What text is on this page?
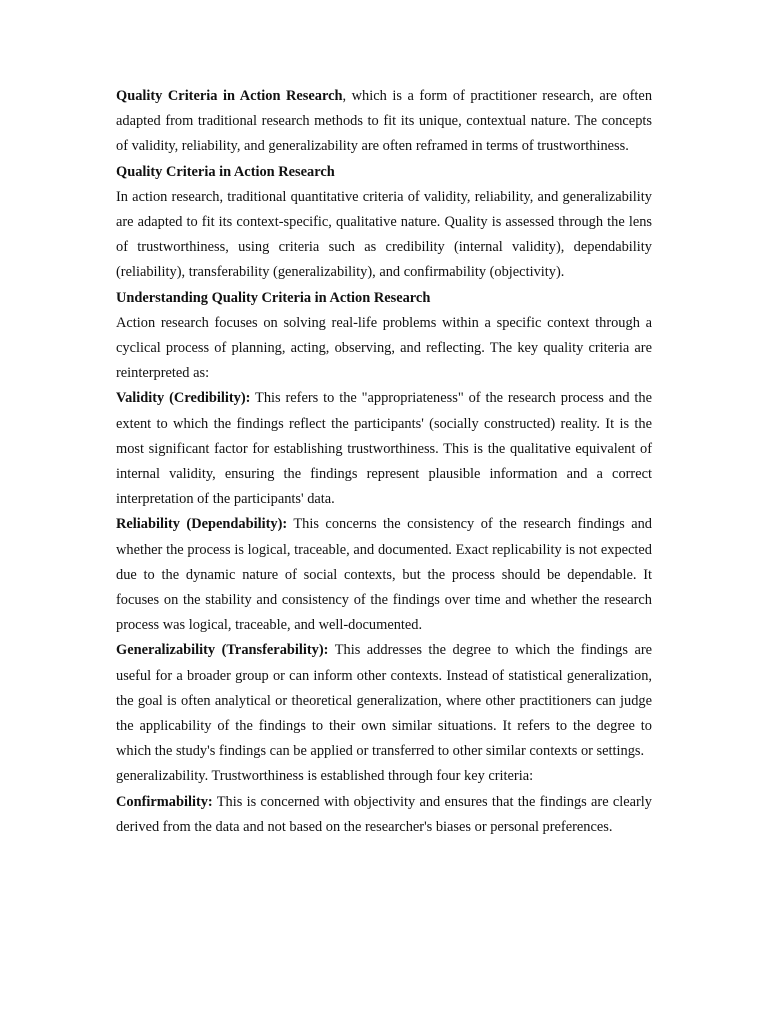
Quality Criteria in Action Research, which is a form of practitioner research, are often adapted from traditional research methods to fit its unique, contextual nature. The concepts of validity, reliability, and generalizability are often reframed in terms of trustworthiness.

Quality Criteria in Action Research

In action research, traditional quantitative criteria of validity, reliability, and generalizability are adapted to fit its context-specific, qualitative nature. Quality is assessed through the lens of trustworthiness, using criteria such as credibility (internal validity), dependability (reliability), transferability (generalizability), and confirmability (objectivity).

Understanding Quality Criteria in Action Research

Action research focuses on solving real-life problems within a specific context through a cyclical process of planning, acting, observing, and reflecting. The key quality criteria are reinterpreted as:

Validity (Credibility): This refers to the "appropriateness" of the research process and the extent to which the findings reflect the participants' (socially constructed) reality. It is the most significant factor for establishing trustworthiness. This is the qualitative equivalent of internal validity, ensuring the findings represent plausible information and a correct interpretation of the participants' data.

Reliability (Dependability): This concerns the consistency of the research findings and whether the process is logical, traceable, and documented. Exact replicability is not expected due to the dynamic nature of social contexts, but the process should be dependable. It focuses on the stability and consistency of the findings over time and whether the research process was logical, traceable, and well-documented.

Generalizability (Transferability): This addresses the degree to which the findings are useful for a broader group or can inform other contexts. Instead of statistical generalization, the goal is often analytical or theoretical generalization, where other practitioners can judge the applicability of the findings to their own similar situations. It refers to the degree to which the study's findings can be applied or transferred to other similar contexts or settings.

generalizability. Trustworthiness is established through four key criteria:

Confirmability: This is concerned with objectivity and ensures that the findings are clearly derived from the data and not based on the researcher's biases or personal preferences.
